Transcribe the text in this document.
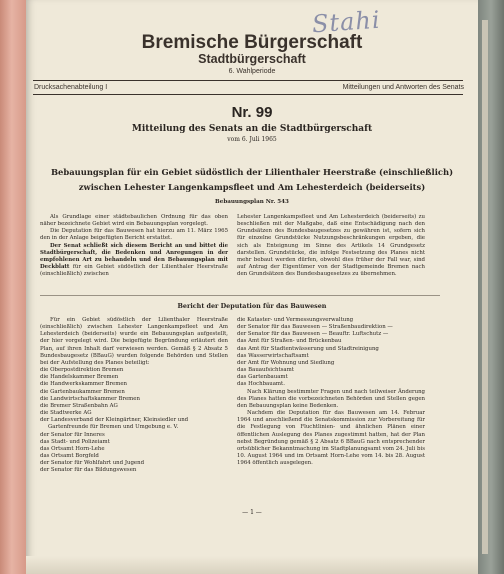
Stahi
Bremische Bürgerschaft
Stadtbürgerschaft
6. Wahlperiode
Drucksachenabteilung I	Mitteilungen und Antworten des Senats
Nr. 99
Mitteilung des Senats an die Stadtbürgerschaft
vom 6. Juli 1965
Bebauungsplan für ein Gebiet südöstlich der Lilienthaler Heerstraße (einschließlich)
zwischen Lehester Langenkampsfleet und Am Lehesterdeich (beiderseits)
Bebauungsplan Nr. 543

Als Grundlage einer städtebaulichen Ordnung für das oben näher bezeichnete Gebiet wird ein Bebauungsplan vorgelegt.

Die Deputation für das Bauwesen hat hierzu am 11. März 1965 den in der Anlage beigefügten Bericht erstattet.

Der Senat schließt sich diesem Bericht an und bittet die Stadtbürgerschaft, die Bedenken und Anregungen in der empfohlenen Art zu behandeln und den Bebauungsplan mit Deckblatt für ein Gebiet südöstlich der Lilienthaler Heerstraße (einschließlich) zwischen

Lehester Langenkampsfleet und Am Lehesterdeich (beiderseits) zu beschließen mit der Maßgabe, daß eine Entschädigung nach den Grundsätzen des Bundesbaugesetzes zu gewähren ist, sofern sich für einzelne Grundstücke Nutzungsbeschränkungen ergeben, die sich als Enteignung im Sinne des Artikels 14 Grundgesetz darstellen. Grundstücke, die infolge Festsetzung des Planes nicht mehr bebaut werden dürfen, obwohl dies früher der Fall war, sind auf Antrag der Eigentümer von der Stadtgemeinde Bremen nach den Grundsätzen des Bundesbaugesetzes zu übernehmen.

Bericht der Deputation für das Bauwesen

Für ein Gebiet südöstlich der Lilienthaler Heerstraße (einschließlich) zwischen Lehester Langenkampsfleet und Am Lehesterdeich (beiderseits) wurde ein Bebauungsplan aufgestellt, der hier vorgelegt wird. Die beigefügte Begründung erläutert den Plan, auf ihren Inhalt darf verwiesen werden. Gemäß § 2 Absatz 5 Bundesbaugesetz (BBauG) wurden folgende Behörden und Stellen bei der Aufstellung des Planes beteiligt:

die Oberpostdirektion Bremen
die Handelskammer Bremen
die Handwerkskammer Bremen
die Gartenbaukammer Bremen
die Landwirtschaftskammer Bremen
die Bremer Straßenbahn AG
die Stadtwerke AG
der Landesverband der Kleingärtner, Kleinsiedler und
Gartenfreunde für Bremen und Umgebung e. V.
der Senator für Inneres
das Stadt- und Polizeiamt
das Ortsamt Horn-Lehe
das Ortsamt Borgfeld
der Senator für Wohlfahrt und Jugend
der Senator für das Bildungswesen
die Kataster- und Vermessungsverwaltung
der Senator für das Bauwesen — Straßenbaudirektion —
der Senator für das Bauwesen — Beauftr. Luftschutz —
das Amt für Straßen- und Brückenbau
das Amt für Stadtentwässerung und Stadtreinigung
das Wasserwirtschaftsamt
der Amt für Wohnung und Siedlung
das Bauaufsichtsamt
das Gartenbauamt
das Hochbauamt.

Nach Klärung bestimmter Fragen und nach teilweiser Änderung des Planes hatten die vorbezeichneten Behörden und Stellen gegen den Bebauungsplan keine Bedenken.

Nachdem die Deputation für das Bauwesen am 14. Februar 1964 und anschließend die Senatskommission zur Vorbereitung für die Festlegung von Fluchtlinien- und ähnlichen Plänen einer öffentlichen Auslegung des Planes zugestimmt hatten, hat der Plan nebst Begründung gemäß § 2 Absatz 6 BBauG nach entsprechender ortsüblicher Bekanntmachung im Stadtplanungsamt vom 24. Juli bis 10. August 1964 und im Ortsamt Horn-Lehe vom 14. bis 28. August 1964 öffentlich ausgelegen.

— 1 —
